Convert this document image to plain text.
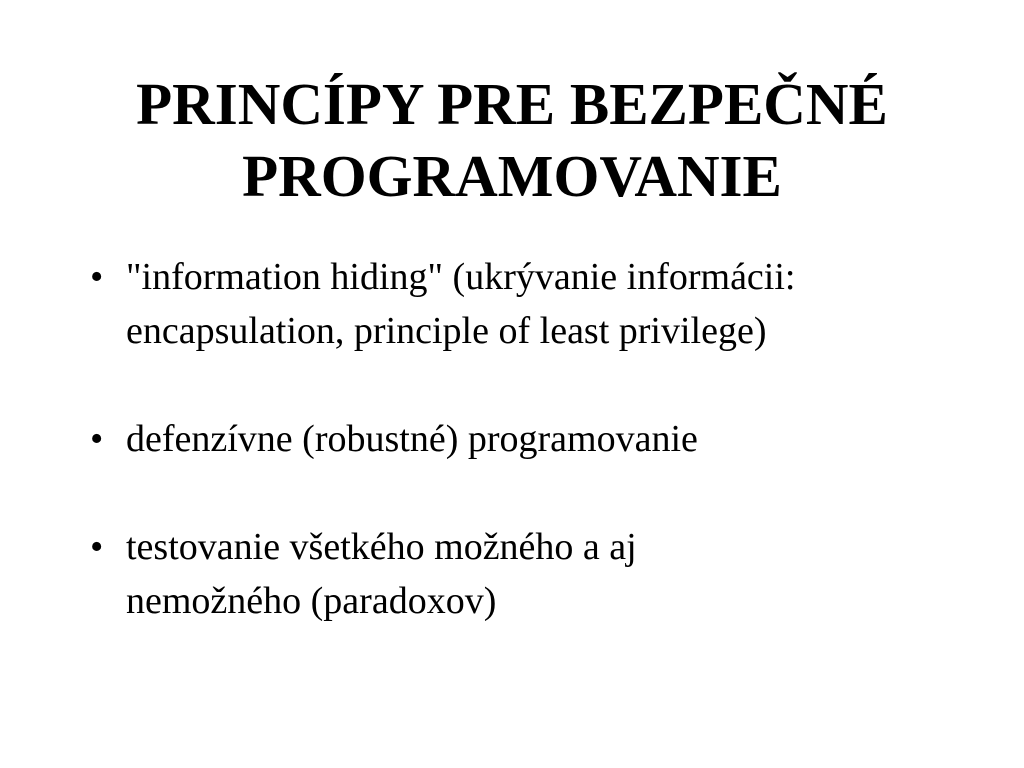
PRINCÍPY PRE BEZPEČNÉ
PROGRAMOVANIE
• "information hiding" (ukrývanie informácii:
encapsulation, principle of least privilege)
• defenzívne (robustné) programovanie
• testovanie všetkého možného a aj
nemožného (paradoxov)
